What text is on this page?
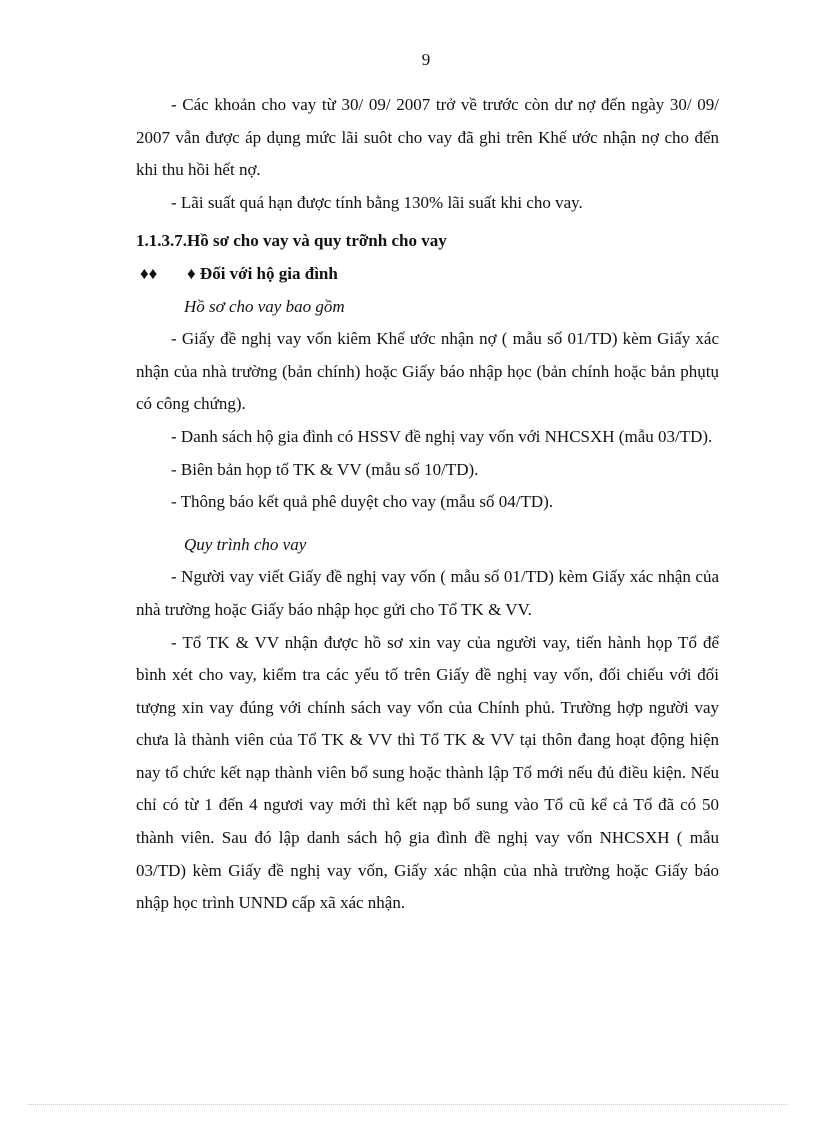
9

- Các khoản cho vay từ 30/ 09/ 2007 trở về trước còn dư nợ đến ngày 30/ 09/ 2007 vẫn được áp dụng mức lãi suôt cho vay đã ghi trên Khế ước nhận nợ cho đến khi thu hồi hết nợ.

- Lãi suất quá hạn được tính bằng 130% lãi suất khi cho vay.

1.1.3.7.Hồ sơ cho vay và quy trỡnh cho vay

♦♦ ♦ Đối với hộ gia đình

Hồ sơ cho vay bao gồm

- Giấy đề nghị vay vốn kiêm Khế ước nhận nợ ( mẫu số 01/TD) kèm Giấy xác nhận của nhà trường (bản chính) hoặc Giấy báo nhập học (bản chính hoặc bản phụtụ có công chứng).

- Danh sách hộ gia đình có HSSV đề nghị vay vốn với NHCSXH (mẫu 03/TD).

- Biên bản họp tổ TK & VV (mẫu số 10/TD).

- Thông báo kết quả phê duyệt cho vay (mẫu số 04/TD).

Quy trình cho vay

- Người vay viết Giấy đề nghị vay vốn ( mẫu số 01/TD) kèm Giấy xác nhận của nhà trường hoặc Giấy báo nhập học gửi cho Tổ TK & VV.

- Tổ TK & VV nhận được hồ sơ xin vay của người vay, tiến hành họp Tổ để bình xét cho vay, kiểm tra các yếu tố trên Giấy đề nghị vay vốn, đối chiếu với đối tượng xin vay đúng với chính sách vay vốn của Chính phủ. Trường hợp người vay chưa là thành viên của Tổ TK & VV thì Tổ TK & VV tại thôn đang hoạt động hiện nay tổ chức kết nạp thành viên bổ sung hoặc thành lập Tổ mới nếu đủ điều kiện. Nếu chỉ có từ 1 đến 4 ngươi vay mới thì kết nạp bổ sung vào Tổ cũ kể cả Tổ đã có 50 thành viên. Sau đó lập danh sách hộ gia đình đề nghị vay vốn NHCSXH ( mẫu 03/TD) kèm Giấy đề nghị vay vốn, Giấy xác nhận của nhà trường hoặc Giấy báo nhập học trình UNND cấp xã xác nhận.
